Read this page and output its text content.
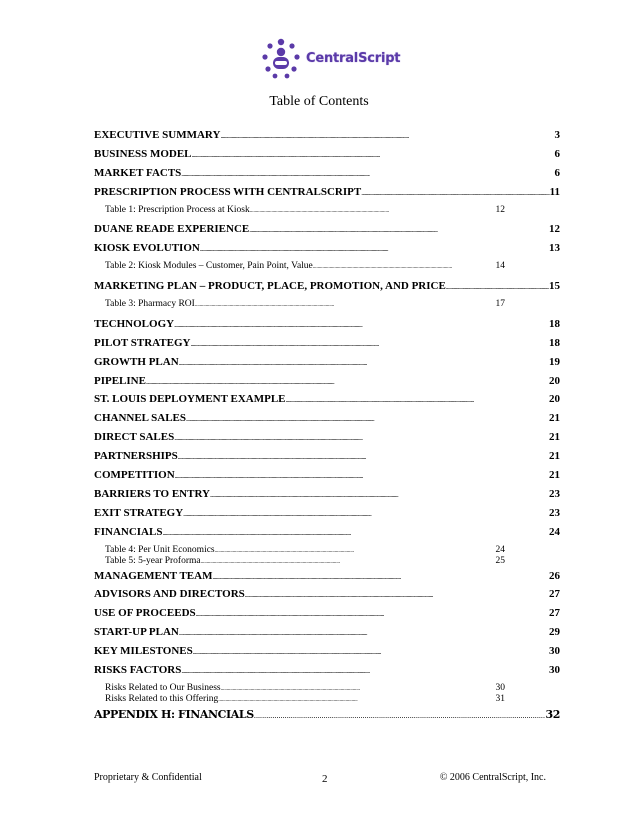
CentralScript
Table of Contents
EXECUTIVE SUMMARY . . .	3
BUSINESS MODEL . . .	6
MARKET FACTS . . .	6
PRESCRIPTION PROCESS WITH CENTRALSCRIPT . . .	11
Table 1: Prescription Process at Kiosk . . .	12
DUANE READE EXPERIENCE . . .	12
KIOSK EVOLUTION . . .	13
Table 2: Kiosk Modules – Customer, Pain Point, Value . . .	14
MARKETING PLAN – PRODUCT, PLACE, PROMOTION, AND PRICE . . .	15
Table 3: Pharmacy ROI . . .	17
TECHNOLOGY . . .	18
PILOT STRATEGY . . .	18
GROWTH PLAN . . .	19
PIPELINE . . .	20
ST. LOUIS DEPLOYMENT EXAMPLE . . .	20
CHANNEL SALES . . .	21
DIRECT SALES . . .	21
PARTNERSHIPS . . .	21
COMPETITION . . .	21
BARRIERS TO ENTRY . . .	23
EXIT STRATEGY . . .	23
FINANCIALS . . .	24
Table 4: Per Unit Economics . . .	24
Table 5: 5-year Proforma . . .	25
MANAGEMENT TEAM . . .	26
ADVISORS AND DIRECTORS . . .	27
USE OF PROCEEDS . . .	27
START-UP PLAN . . .	29
KEY MILESTONES . . .	30
RISKS FACTORS . . .	30
Risks Related to Our Business . . .	30
Risks Related to this Offering . . .	31
APPENDIX H: FINANCIALS . . .	32
Proprietary & Confidential	2	© 2006 CentralScript, Inc.
